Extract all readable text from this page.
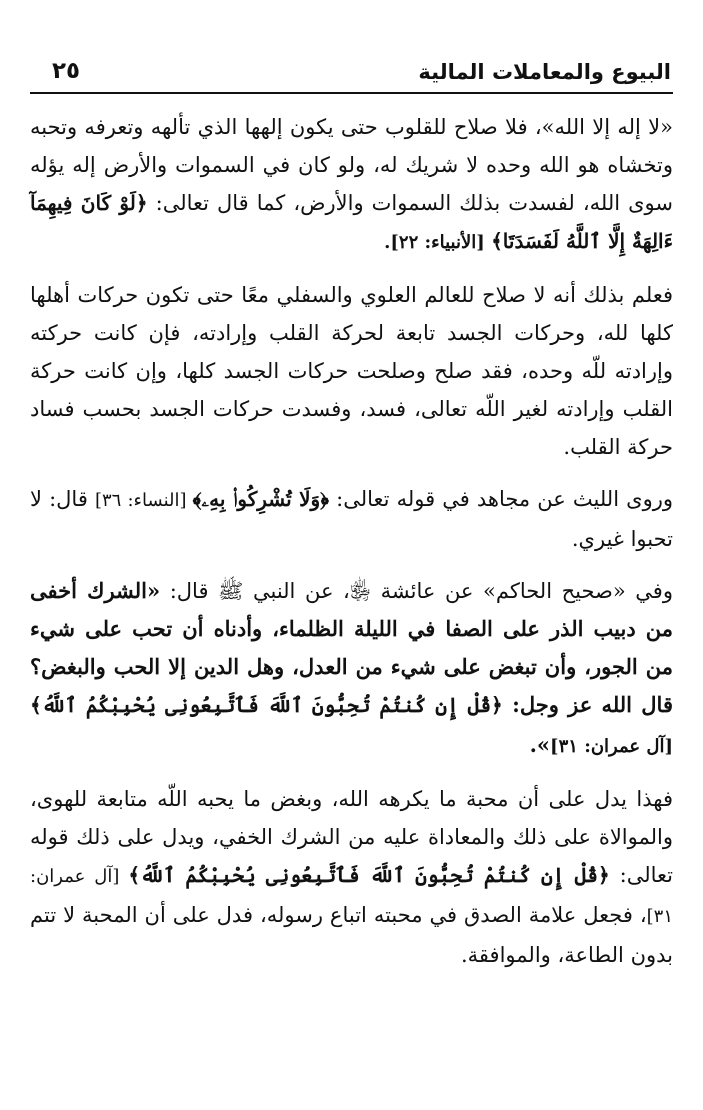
البيوع والمعاملات المالية
٢٥

«لا إله إلا الله»، فلا صلاح للقلوب حتى يكون إلهها الذي تألهه وتعرفه وتحبه وتخشاه هو الله وحده لا شريك له، ولو كان في السموات والأرض إله يؤله سوى الله، لفسدت بذلك السموات والأرض، كما قال تعالى: ﴿لَوْ كَانَ فِيهِمَآ ءَالِهَةٌ إِلَّا ٱللَّهُ لَفَسَدَتَا﴾ [الأنبياء: ٢٢].

فعلم بذلك أنه لا صلاح للعالم العلوي والسفلي معًا حتى تكون حركات أهلها كلها لله، وحركات الجسد تابعة لحركة القلب وإرادته، فإن كانت حركته وإرادته للّه وحده، فقد صلح وصلحت حركات الجسد كلها، وإن كانت حركة القلب وإرادته لغير اللّه تعالى، فسد، وفسدت حركات الجسد بحسب فساد حركة القلب.

وروى الليث عن مجاهد في قوله تعالى: ﴿وَلَا تُشْرِكُوا۟ بِهِۦ﴾ [النساء: ٣٦] قال: لا تحبوا غيري.

وفي «صحيح الحاكم» عن عائشة ﵂، عن النبي ﷺ قال: «الشرك أخفى من دبيب الذر على الصفا في الليلة الظلماء، وأدناه أن تحب على شيء من الجور، وأن تبغض على شيء من العدل، وهل الدين إلا الحب والبغض؟ قال الله عز وجل: ﴿قُلْ إِن كُنتُمْ تُحِبُّونَ ٱللَّهَ فَٱتَّبِعُونِى يُحْبِبْكُمُ ٱللَّهُ﴾ [آل عمران: ٣١]».

فهذا يدل على أن محبة ما يكرهه الله، وبغض ما يحبه اللّه متابعة للهوى، والموالاة على ذلك والمعاداة عليه من الشرك الخفي، ويدل على ذلك قوله تعالى: ﴿قُلْ إِن كُنتُمْ تُحِبُّونَ ٱللَّهَ فَٱتَّبِعُونِى يُحْبِبْكُمُ ٱللَّهُ﴾ [آل عمران: ٣١]، فجعل علامة الصدق في محبته اتباع رسوله، فدل على أن المحبة لا تتم بدون الطاعة، والموافقة.
